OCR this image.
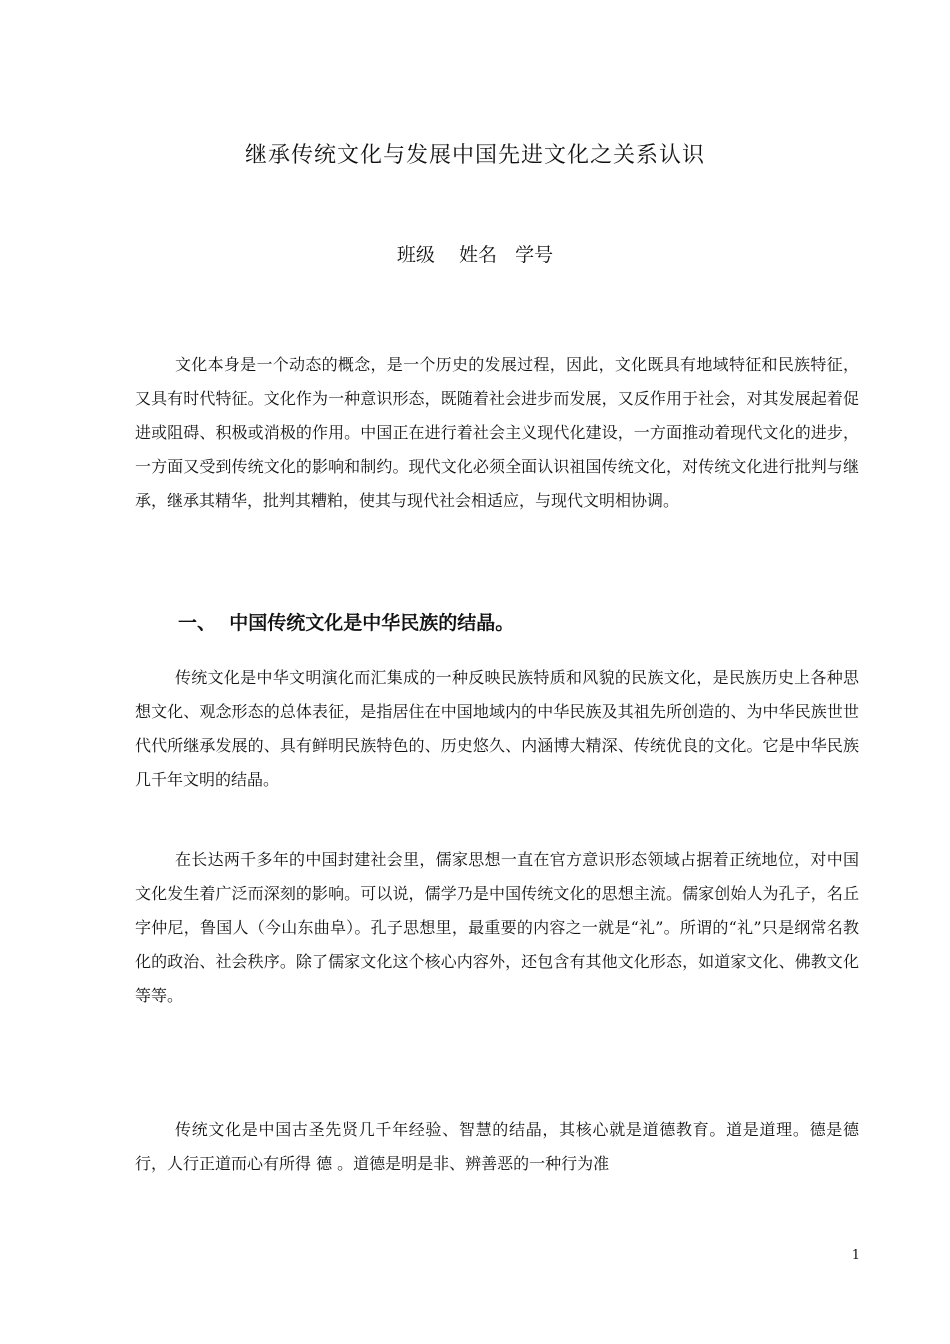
继承传统文化与发展中国先进文化之关系认识
班级    姓名   学号

文化本身是一个动态的概念，是一个历史的发展过程，因此，文化既具有地域特征和民族特征，又具有时代特征。文化作为一种意识形态，既随着社会进步而发展，又反作用于社会，对其发展起着促进或阻碍、积极或消极的作用。中国正在进行着社会主义现代化建设，一方面推动着现代文化的进步，一方面又受到传统文化的影响和制约。现代文化必须全面认识祖国传统文化，对传统文化进行批判与继承，继承其精华，批判其糟粕，使其与现代社会相适应，与现代文明相协调。

一、  中国传统文化是中华民族的结晶。

传统文化是中华文明演化而汇集成的一种反映民族特质和风貌的民族文化，是民族历史上各种思想文化、观念形态的总体表征，是指居住在中国地域内的中华民族及其祖先所创造的、为中华民族世世代代所继承发展的、具有鲜明民族特色的、历史悠久、内涵博大精深、传统优良的文化。它是中华民族几千年文明的结晶。

在长达两千多年的中国封建社会里，儒家思想一直在官方意识形态领域占据着正统地位，对中国文化发生着广泛而深刻的影响。可以说，儒学乃是中国传统文化的思想主流。儒家创始人为孔子，名丘字仲尼，鲁国人（今山东曲阜）。孔子思想里，最重要的内容之一就是“礼”。所谓的“礼”只是纲常名教化的政治、社会秩序。除了儒家文化这个核心内容外，还包含有其他文化形态，如道家文化、佛教文化等等。

传统文化是中国古圣先贤几千年经验、智慧的结晶，其核心就是道德教育。道是道理。德是德行，人行正道而心有所得 德 。道德是明是非、辨善恶的一种行为准

1
